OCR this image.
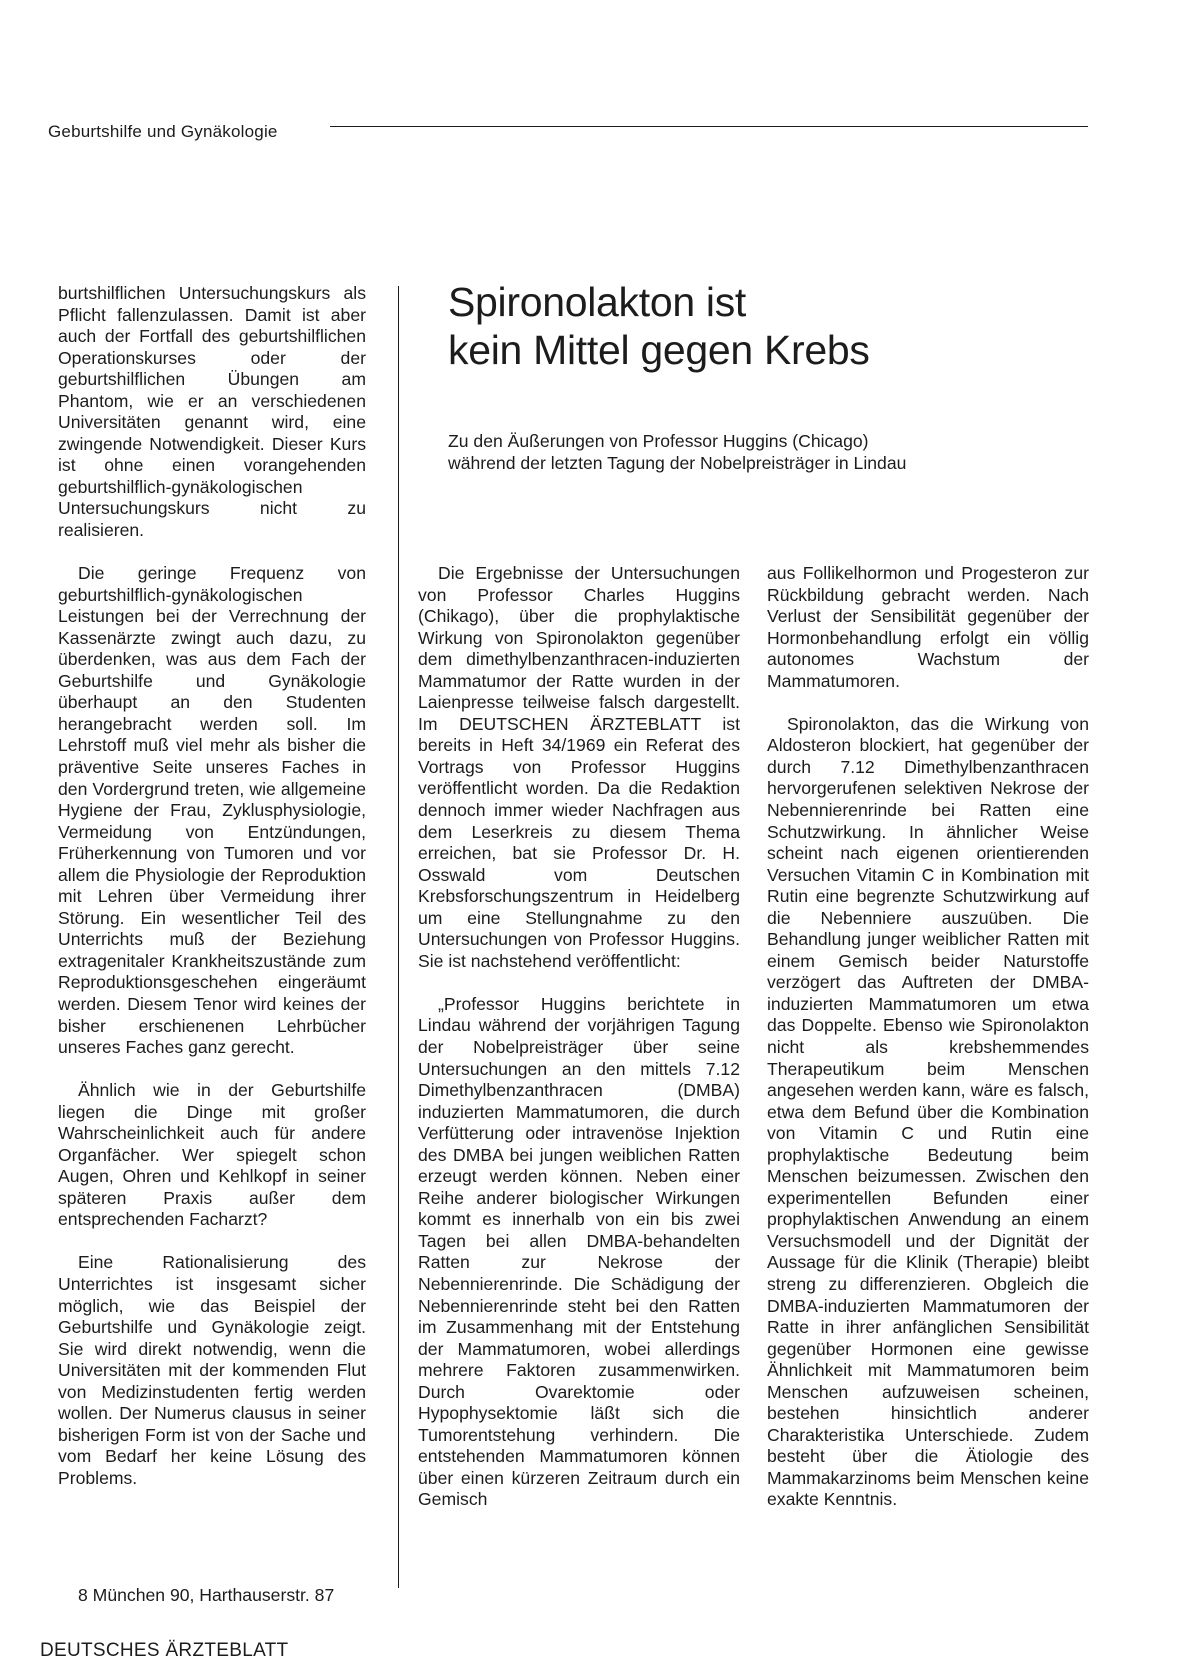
Geburtshilfe und Gynäkologie

burtshilflichen Untersuchungskurs als Pflicht fallenzulassen. Damit ist aber auch der Fortfall des geburtshilflichen Operationskurses oder der geburtshilflichen Übungen am Phantom, wie er an verschiedenen Universitäten genannt wird, eine zwingende Notwendigkeit. Dieser Kurs ist ohne einen vorangehenden geburtshilflich-gynäkologischen Untersuchungskurs nicht zu realisieren.

Die geringe Frequenz von geburtshilflich-gynäkologischen Leistungen bei der Verrechnung der Kassenärzte zwingt auch dazu, zu überdenken, was aus dem Fach der Geburtshilfe und Gynäkologie überhaupt an den Studenten herangebracht werden soll. Im Lehrstoff muß viel mehr als bisher die präventive Seite unseres Faches in den Vordergrund treten, wie allgemeine Hygiene der Frau, Zyklusphysiologie, Vermeidung von Entzündungen, Früherkennung von Tumoren und vor allem die Physiologie der Reproduktion mit Lehren über Vermeidung ihrer Störung. Ein wesentlicher Teil des Unterrichts muß der Beziehung extragenitaler Krankheitszustände zum Reproduktionsgeschehen eingeräumt werden. Diesem Tenor wird keines der bisher erschienenen Lehrbücher unseres Faches ganz gerecht.

Ähnlich wie in der Geburtshilfe liegen die Dinge mit großer Wahrscheinlichkeit auch für andere Organfächer. Wer spiegelt schon Augen, Ohren und Kehlkopf in seiner späteren Praxis außer dem entsprechenden Facharzt?

Eine Rationalisierung des Unterrichtes ist insgesamt sicher möglich, wie das Beispiel der Geburtshilfe und Gynäkologie zeigt. Sie wird direkt notwendig, wenn die Universitäten mit der kommenden Flut von Medizinstudenten fertig werden wollen. Der Numerus clausus in seiner bisherigen Form ist von der Sache und vom Bedarf her keine Lösung des Problems.

8 München 90, Harthauserstr. 87
Spironolakton ist
kein Mittel gegen Krebs
Zu den Äußerungen von Professor Huggins (Chicago)
während der letzten Tagung der Nobelpreisträger in Lindau

Die Ergebnisse der Untersuchungen von Professor Charles Huggins (Chikago), über die prophylaktische Wirkung von Spironolakton gegenüber dem dimethylbenzanthracen-induzierten Mammatumor der Ratte wurden in der Laienpresse teilweise falsch dargestellt. Im DEUTSCHEN ÄRZTEBLATT ist bereits in Heft 34/1969 ein Referat des Vortrags von Professor Huggins veröffentlicht worden. Da die Redaktion dennoch immer wieder Nachfragen aus dem Leserkreis zu diesem Thema erreichen, bat sie Professor Dr. H. Osswald vom Deutschen Krebsforschungszentrum in Heidelberg um eine Stellungnahme zu den Untersuchungen von Professor Huggins. Sie ist nachstehend veröffentlicht:

„Professor Huggins berichtete in Lindau während der vorjährigen Tagung der Nobelpreisträger über seine Untersuchungen an den mittels 7.12 Dimethylbenzanthracen (DMBA) induzierten Mammatumoren, die durch Verfütterung oder intravenöse Injektion des DMBA bei jungen weiblichen Ratten erzeugt werden können. Neben einer Reihe anderer biologischer Wirkungen kommt es innerhalb von ein bis zwei Tagen bei allen DMBA-behandelten Ratten zur Nekrose der Nebennierenrinde. Die Schädigung der Nebennierenrinde steht bei den Ratten im Zusammenhang mit der Entstehung der Mammatumoren, wobei allerdings mehrere Faktoren zusammenwirken. Durch Ovarektomie oder Hypophysektomie läßt sich die Tumorentstehung verhindern. Die entstehenden Mammatumoren können über einen kürzeren Zeitraum durch ein Gemisch

aus Follikelhormon und Progesteron zur Rückbildung gebracht werden. Nach Verlust der Sensibilität gegenüber der Hormonbehandlung erfolgt ein völlig autonomes Wachstum der Mammatumoren.

Spironolakton, das die Wirkung von Aldosteron blockiert, hat gegenüber der durch 7.12 Dimethylbenzanthracen hervorgerufenen selektiven Nekrose der Nebennierenrinde bei Ratten eine Schutzwirkung. In ähnlicher Weise scheint nach eigenen orientierenden Versuchen Vitamin C in Kombination mit Rutin eine begrenzte Schutzwirkung auf die Nebenniere auszuüben. Die Behandlung junger weiblicher Ratten mit einem Gemisch beider Naturstoffe verzögert das Auftreten der DMBA-induzierten Mammatumoren um etwa das Doppelte. Ebenso wie Spironolakton nicht als krebshemmendes Therapeutikum beim Menschen angesehen werden kann, wäre es falsch, etwa dem Befund über die Kombination von Vitamin C und Rutin eine prophylaktische Bedeutung beim Menschen beizumessen. Zwischen den experimentellen Befunden einer prophylaktischen Anwendung an einem Versuchsmodell und der Dignität der Aussage für die Klinik (Therapie) bleibt streng zu differenzieren. Obgleich die DMBA-induzierten Mammatumoren der Ratte in ihrer anfänglichen Sensibilität gegenüber Hormonen eine gewisse Ähnlichkeit mit Mammatumoren beim Menschen aufzuweisen scheinen, bestehen hinsichtlich anderer Charakteristika Unterschiede. Zudem besteht über die Ätiologie des Mammakarzinoms beim Menschen keine exakte Kenntnis.

DEUTSCHES ÄRZTEBLATT
